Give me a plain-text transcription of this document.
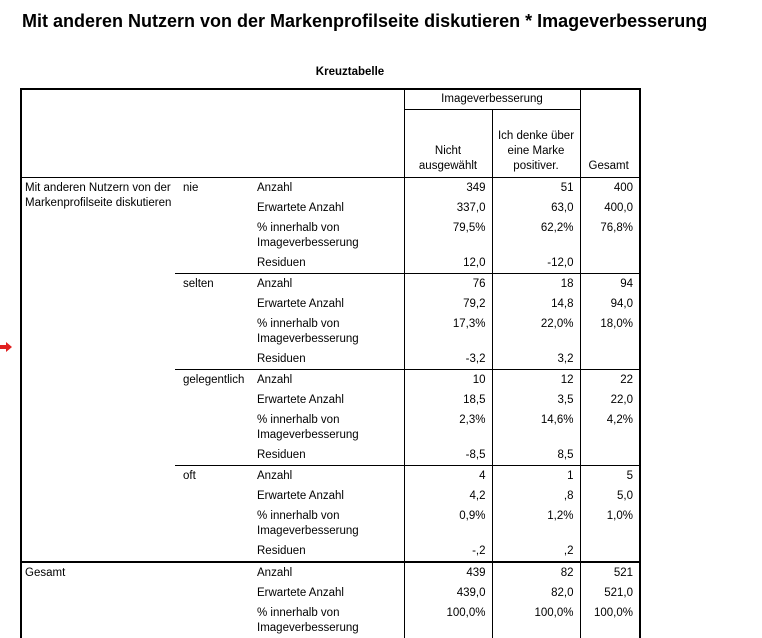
Mit anderen Nutzern von der Markenprofilseite diskutieren * Imageverbesserung
Kreuztabelle
			Imageverbesserung		Gesamt
			Nicht ausgewählt	Ich denke über eine Marke positiver.	
Mit anderen Nutzern von der Markenprofilseite diskutieren	nie	Anzahl	349	51	400
		Erwartete Anzahl	337,0	63,0	400,0
		% innerhalb von Imageverbesserung	79,5%	62,2%	76,8%
		Residuen	12,0	-12,0	
	selten	Anzahl	76	18	94
		Erwartete Anzahl	79,2	14,8	94,0
		% innerhalb von Imageverbesserung	17,3%	22,0%	18,0%
		Residuen	-3,2	3,2	
	gelegentlich	Anzahl	10	12	22
		Erwartete Anzahl	18,5	3,5	22,0
		% innerhalb von Imageverbesserung	2,3%	14,6%	4,2%
		Residuen	-8,5	8,5	
	oft	Anzahl	4	1	5
		Erwartete Anzahl	4,2	,8	5,0
		% innerhalb von Imageverbesserung	0,9%	1,2%	1,0%
		Residuen	-,2	,2	
Gesamt		Anzahl	439	82	521
		Erwartete Anzahl	439,0	82,0	521,0
		% innerhalb von Imageverbesserung	100,0%	100,0%	100,0%
